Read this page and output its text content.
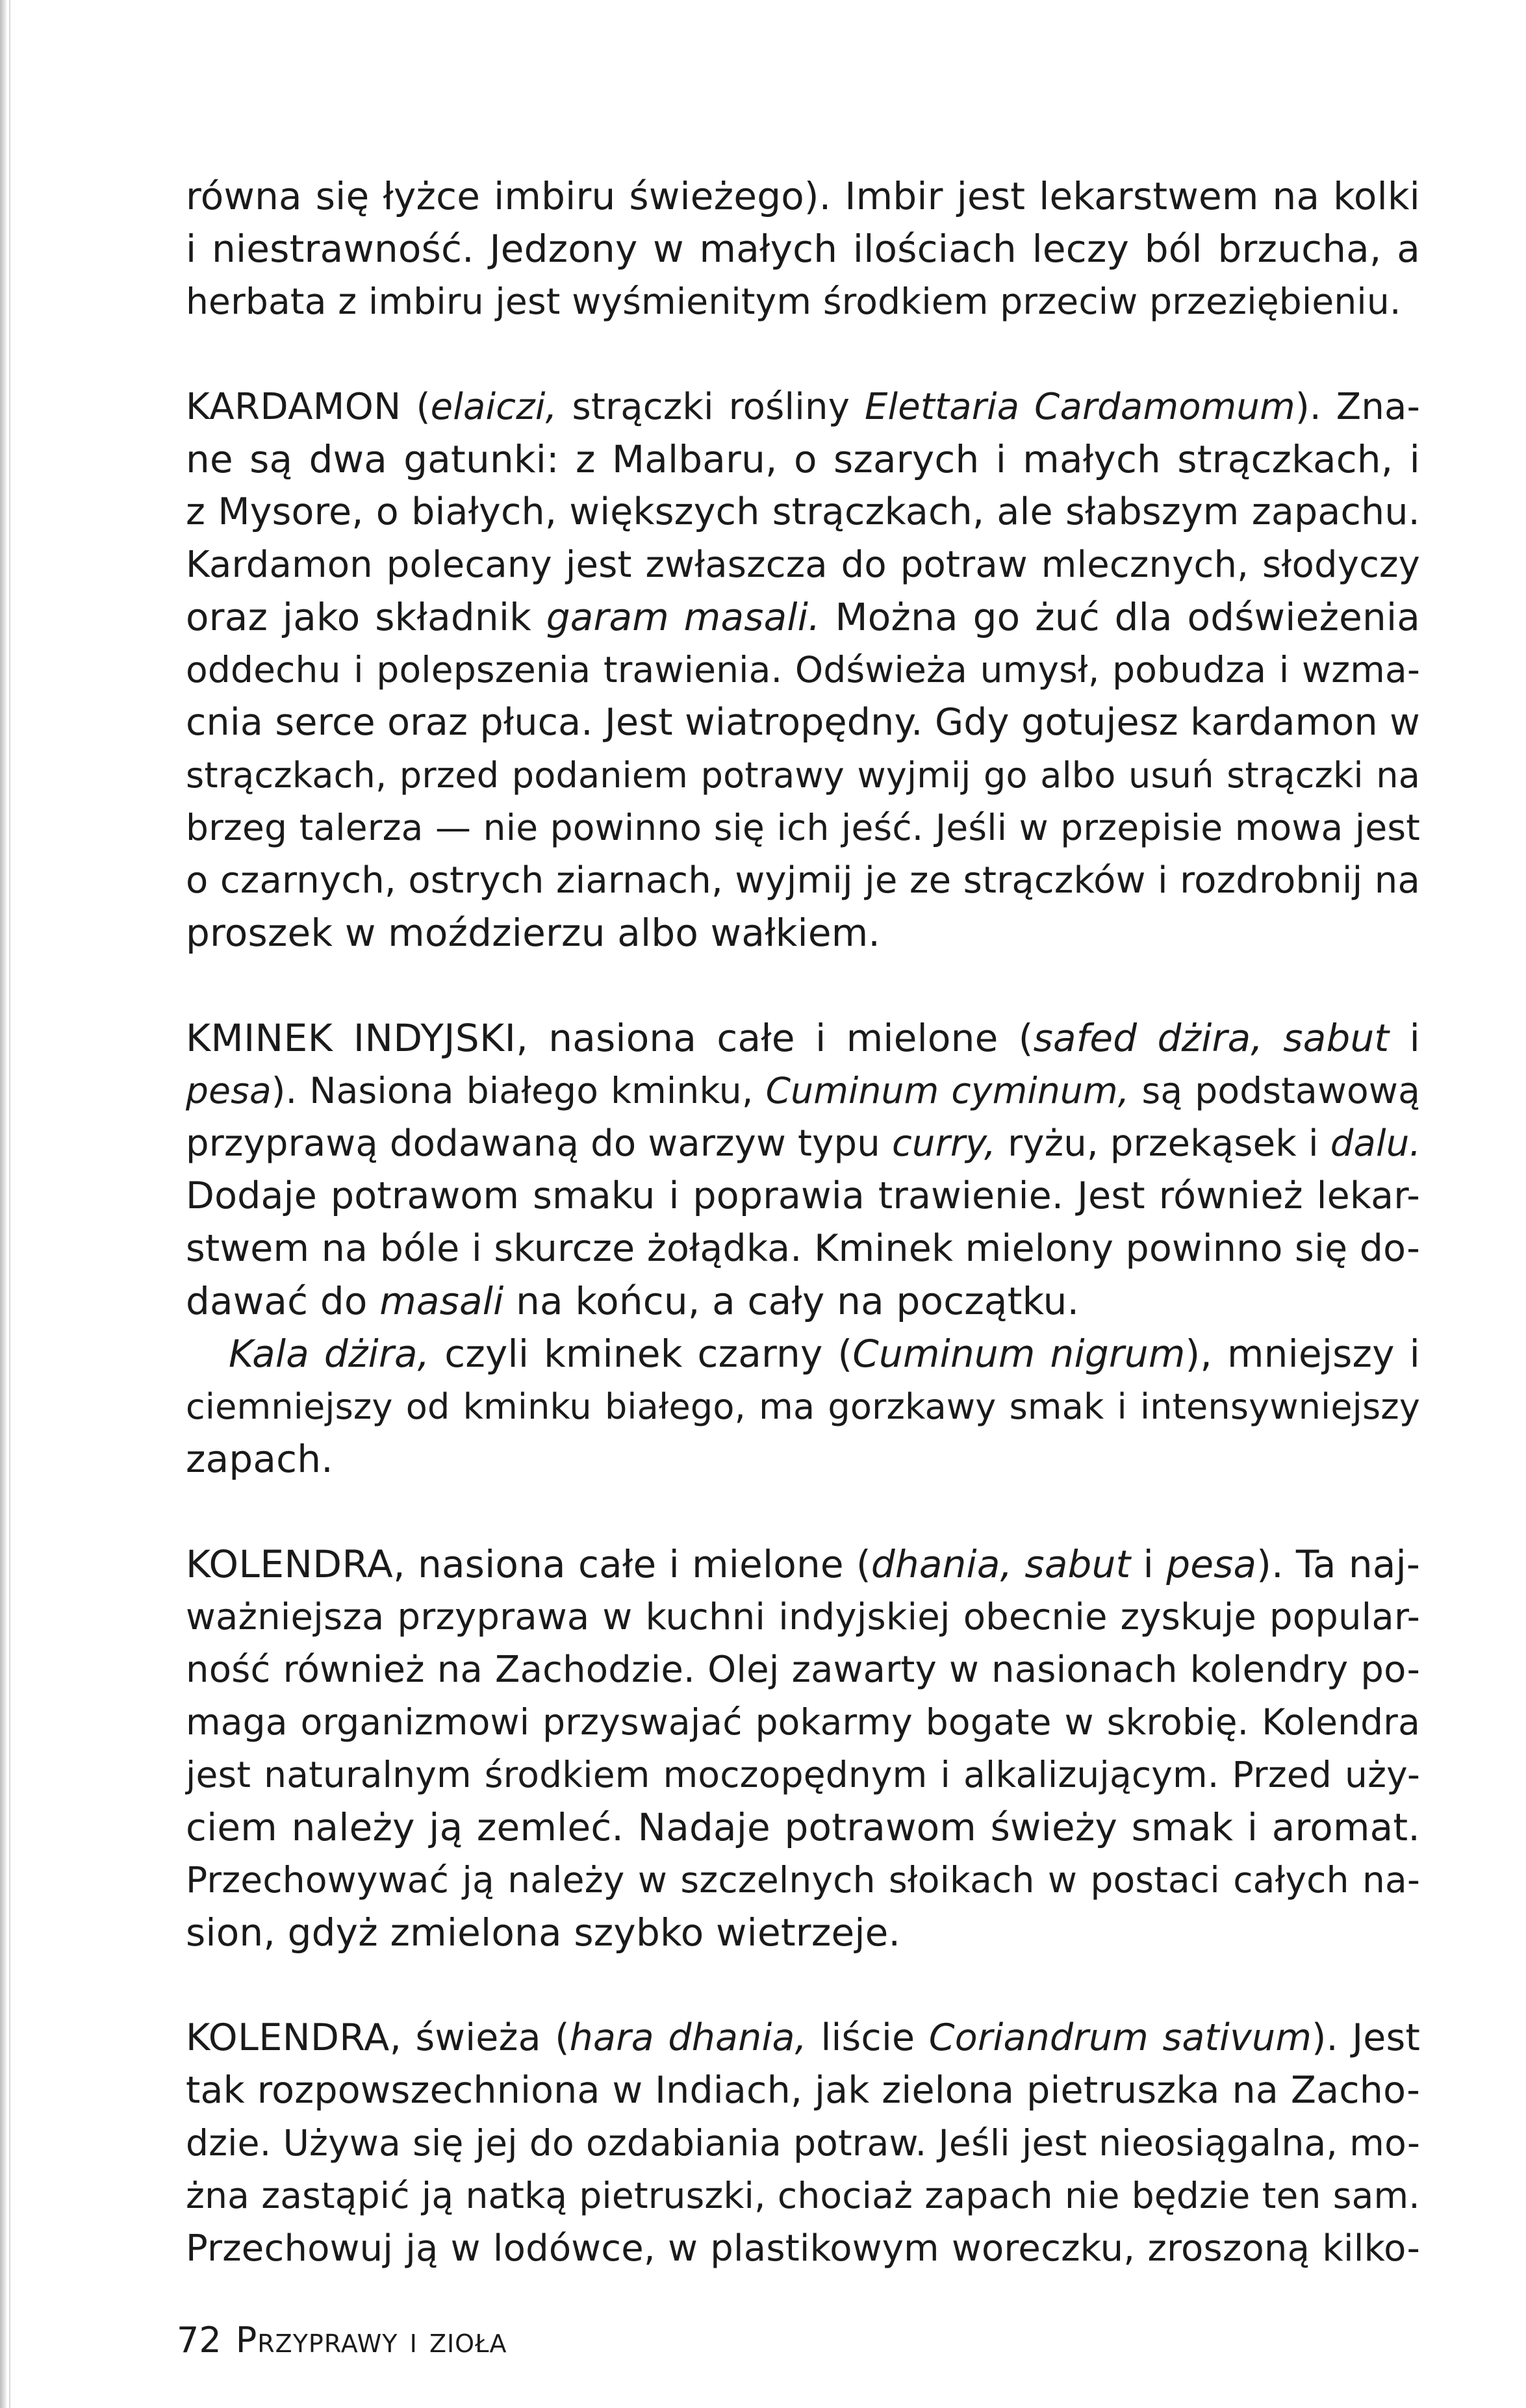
równa się łyżce imbiru świeżego). Imbir jest lekarstwem na kolki
i niestrawność. Jedzony w małych ilościach leczy ból brzucha, a
herbata z imbiru jest wyśmienitym środkiem przeciw przeziębieniu.
KARDAMON (elaiczi, strączki rośliny Elettaria Cardamomum). Zna-
ne są dwa gatunki: z Malbaru, o szarych i małych strączkach, i
z Mysore, o białych, większych strączkach, ale słabszym zapachu.
Kardamon polecany jest zwłaszcza do potraw mlecznych, słodyczy
oraz jako składnik garam masali. Można go żuć dla odświeżenia
oddechu i polepszenia trawienia. Odświeża umysł, pobudza i wzma-
cnia serce oraz płuca. Jest wiatropędny. Gdy gotujesz kardamon w
strączkach, przed podaniem potrawy wyjmij go albo usuń strączki na
brzeg talerza — nie powinno się ich jeść. Jeśli w przepisie mowa jest
o czarnych, ostrych ziarnach, wyjmij je ze strączków i rozdrobnij na
proszek w moździerzu albo wałkiem.
KMINEK INDYJSKI, nasiona całe i mielone (safed dżira, sabut i
pesa). Nasiona białego kminku, Cuminum cyminum, są podstawową
przyprawą dodawaną do warzyw typu curry, ryżu, przekąsek i dalu.
Dodaje potrawom smaku i poprawia trawienie. Jest również lekar-
stwem na bóle i skurcze żołądka. Kminek mielony powinno się do-
dawać do masali na końcu, a cały na początku.
Kala dżira, czyli kminek czarny (Cuminum nigrum), mniejszy i
ciemniejszy od kminku białego, ma gorzkawy smak i intensywniejszy
zapach.
KOLENDRA, nasiona całe i mielone (dhania, sabut i pesa). Ta naj-
ważniejsza przyprawa w kuchni indyjskiej obecnie zyskuje popular-
ność również na Zachodzie. Olej zawarty w nasionach kolendry po-
maga organizmowi przyswajać pokarmy bogate w skrobię. Kolendra
jest naturalnym środkiem moczopędnym i alkalizującym. Przed uży-
ciem należy ją zemleć. Nadaje potrawom świeży smak i aromat.
Przechowywać ją należy w szczelnych słoikach w postaci całych na-
sion, gdyż zmielona szybko wietrzeje.
KOLENDRA, świeża (hara dhania, liście Coriandrum sativum). Jest
tak rozpowszechniona w Indiach, jak zielona pietruszka na Zacho-
dzie. Używa się jej do ozdabiania potraw. Jeśli jest nieosiągalna, mo-
żna zastąpić ją natką pietruszki, chociaż zapach nie będzie ten sam.
Przechowuj ją w lodówce, w plastikowym woreczku, zroszoną kilko-
72 Przyprawy i zioła
